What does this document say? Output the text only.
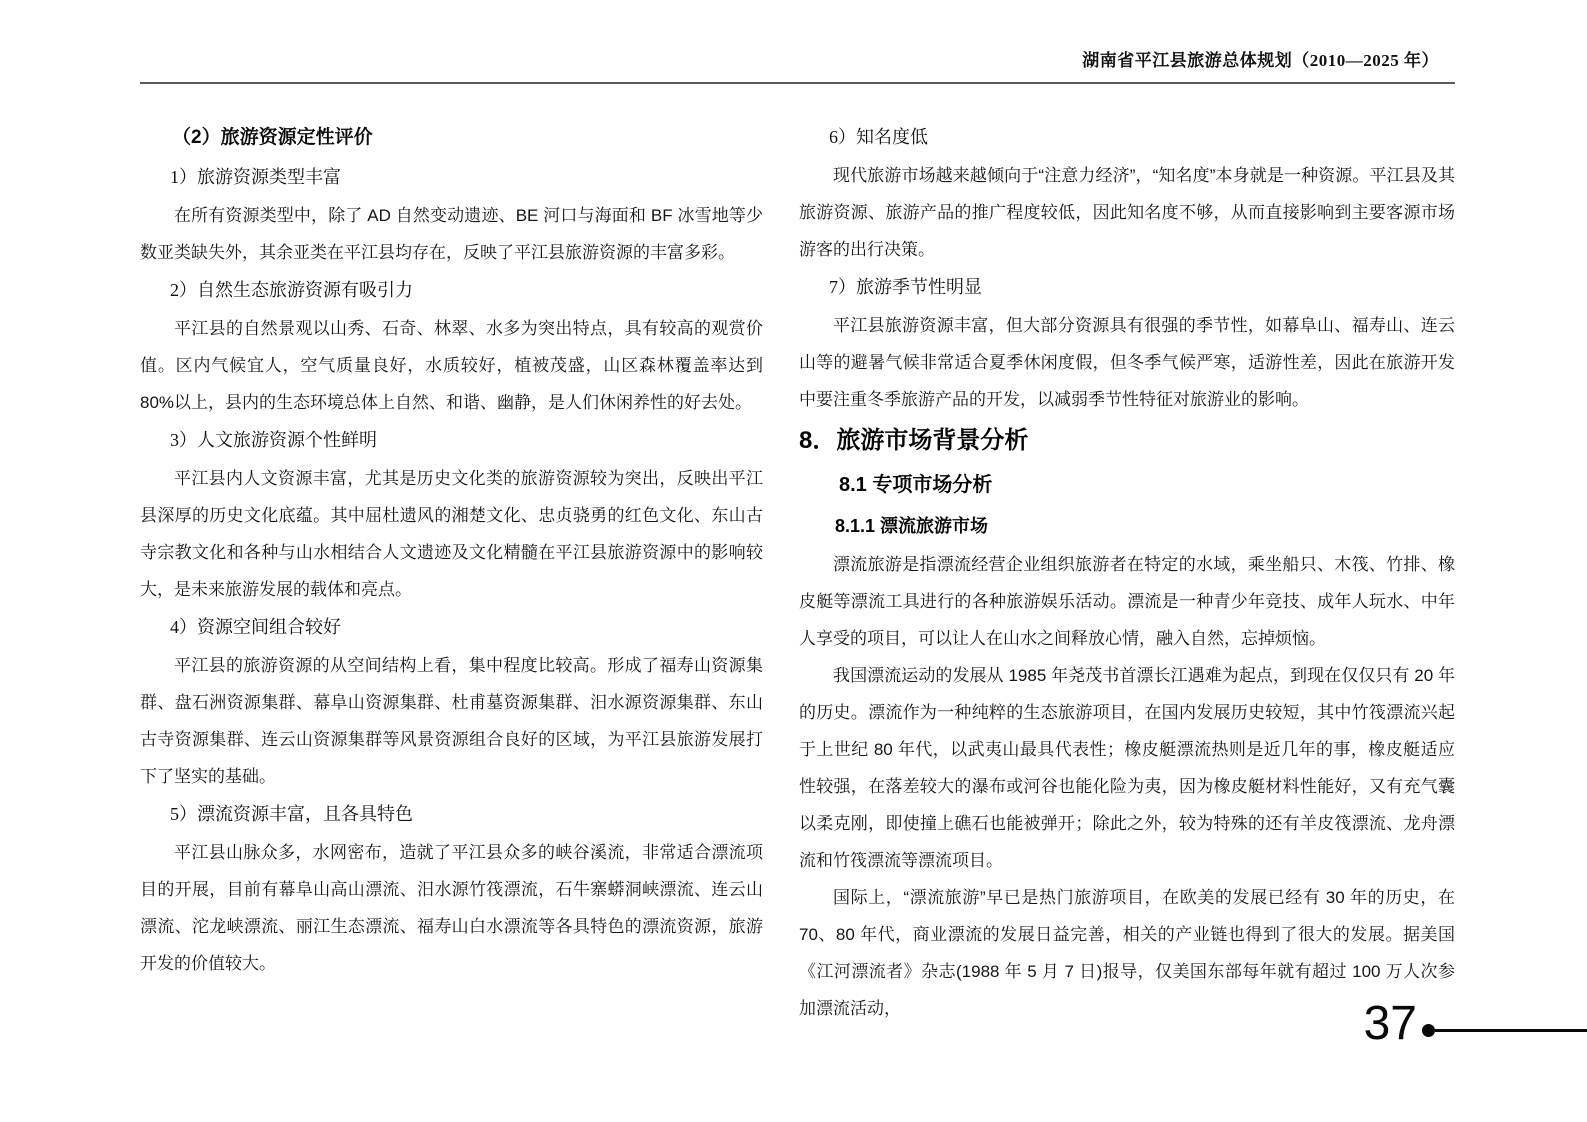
湖南省平江县旅游总体规划（2010—2025 年）
（2）旅游资源定性评价
1）旅游资源类型丰富

在所有资源类型中，除了 AD 自然变动遗迹、BE 河口与海面和 BF 冰雪地等少数亚类缺失外，其余亚类在平江县均存在，反映了平江县旅游资源的丰富多彩。

2）自然生态旅游资源有吸引力

平江县的自然景观以山秀、石奇、林翠、水多为突出特点，具有较高的观赏价值。区内气候宜人，空气质量良好，水质较好，植被茂盛，山区森林覆盖率达到 80%以上，县内的生态环境总体上自然、和谐、幽静，是人们休闲养性的好去处。

3）人文旅游资源个性鲜明

平江县内人文资源丰富，尤其是历史文化类的旅游资源较为突出，反映出平江县深厚的历史文化底蕴。其中屈杜遗风的湘楚文化、忠贞骁勇的红色文化、东山古寺宗教文化和各种与山水相结合人文遗迹及文化精髓在平江县旅游资源中的影响较大，是未来旅游发展的载体和亮点。

4）资源空间组合较好

平江县的旅游资源的从空间结构上看，集中程度比较高。形成了福寿山资源集群、盘石洲资源集群、幕阜山资源集群、杜甫墓资源集群、汨水源资源集群、东山古寺资源集群、连云山资源集群等风景资源组合良好的区域，为平江县旅游发展打下了坚实的基础。

5）漂流资源丰富，且各具特色

平江县山脉众多，水网密布，造就了平江县众多的峡谷溪流，非常适合漂流项目的开展，目前有幕阜山高山漂流、汨水源竹筏漂流，石牛寨蟒洞峡漂流、连云山漂流、沱龙峡漂流、丽江生态漂流、福寿山白水漂流等各具特色的漂流资源，旅游开发的价值较大。

6）知名度低

现代旅游市场越来越倾向于“注意力经济”，“知名度”本身就是一种资源。平江县及其旅游资源、旅游产品的推广程度较低，因此知名度不够，从而直接影响到主要客源市场游客的出行决策。

7）旅游季节性明显

平江县旅游资源丰富，但大部分资源具有很强的季节性，如幕阜山、福寿山、连云山等的避暑气候非常适合夏季休闲度假，但冬季气候严寒，适游性差，因此在旅游开发中要注重冬季旅游产品的开发，以减弱季节性特征对旅游业的影响。

8．旅游市场背景分析
8.1 专项市场分析
8.1.1 漂流旅游市场

漂流旅游是指漂流经营企业组织旅游者在特定的水域，乘坐船只、木筏、竹排、橡皮艇等漂流工具进行的各种旅游娱乐活动。漂流是一种青少年竞技、成年人玩水、中年人享受的项目，可以让人在山水之间释放心情，融入自然，忘掉烦恼。

我国漂流运动的发展从 1985 年尧茂书首漂长江遇难为起点，到现在仅仅只有 20 年的历史。漂流作为一种纯粹的生态旅游项目，在国内发展历史较短，其中竹筏漂流兴起于上世纪 80 年代，以武夷山最具代表性；橡皮艇漂流热则是近几年的事，橡皮艇适应性较强，在落差较大的瀑布或河谷也能化险为夷，因为橡皮艇材料性能好，又有充气囊以柔克刚，即使撞上礁石也能被弹开；除此之外，较为特殊的还有羊皮筏漂流、龙舟漂流和竹筏漂流等漂流项目。

国际上，“漂流旅游”早已是热门旅游项目，在欧美的发展已经有 30 年的历史，在 70、80 年代，商业漂流的发展日益完善，相关的产业链也得到了很大的发展。据美国《江河漂流者》杂志(1988 年 5 月 7 日)报导，仅美国东部每年就有超过 100 万人次参加漂流活动，	37
